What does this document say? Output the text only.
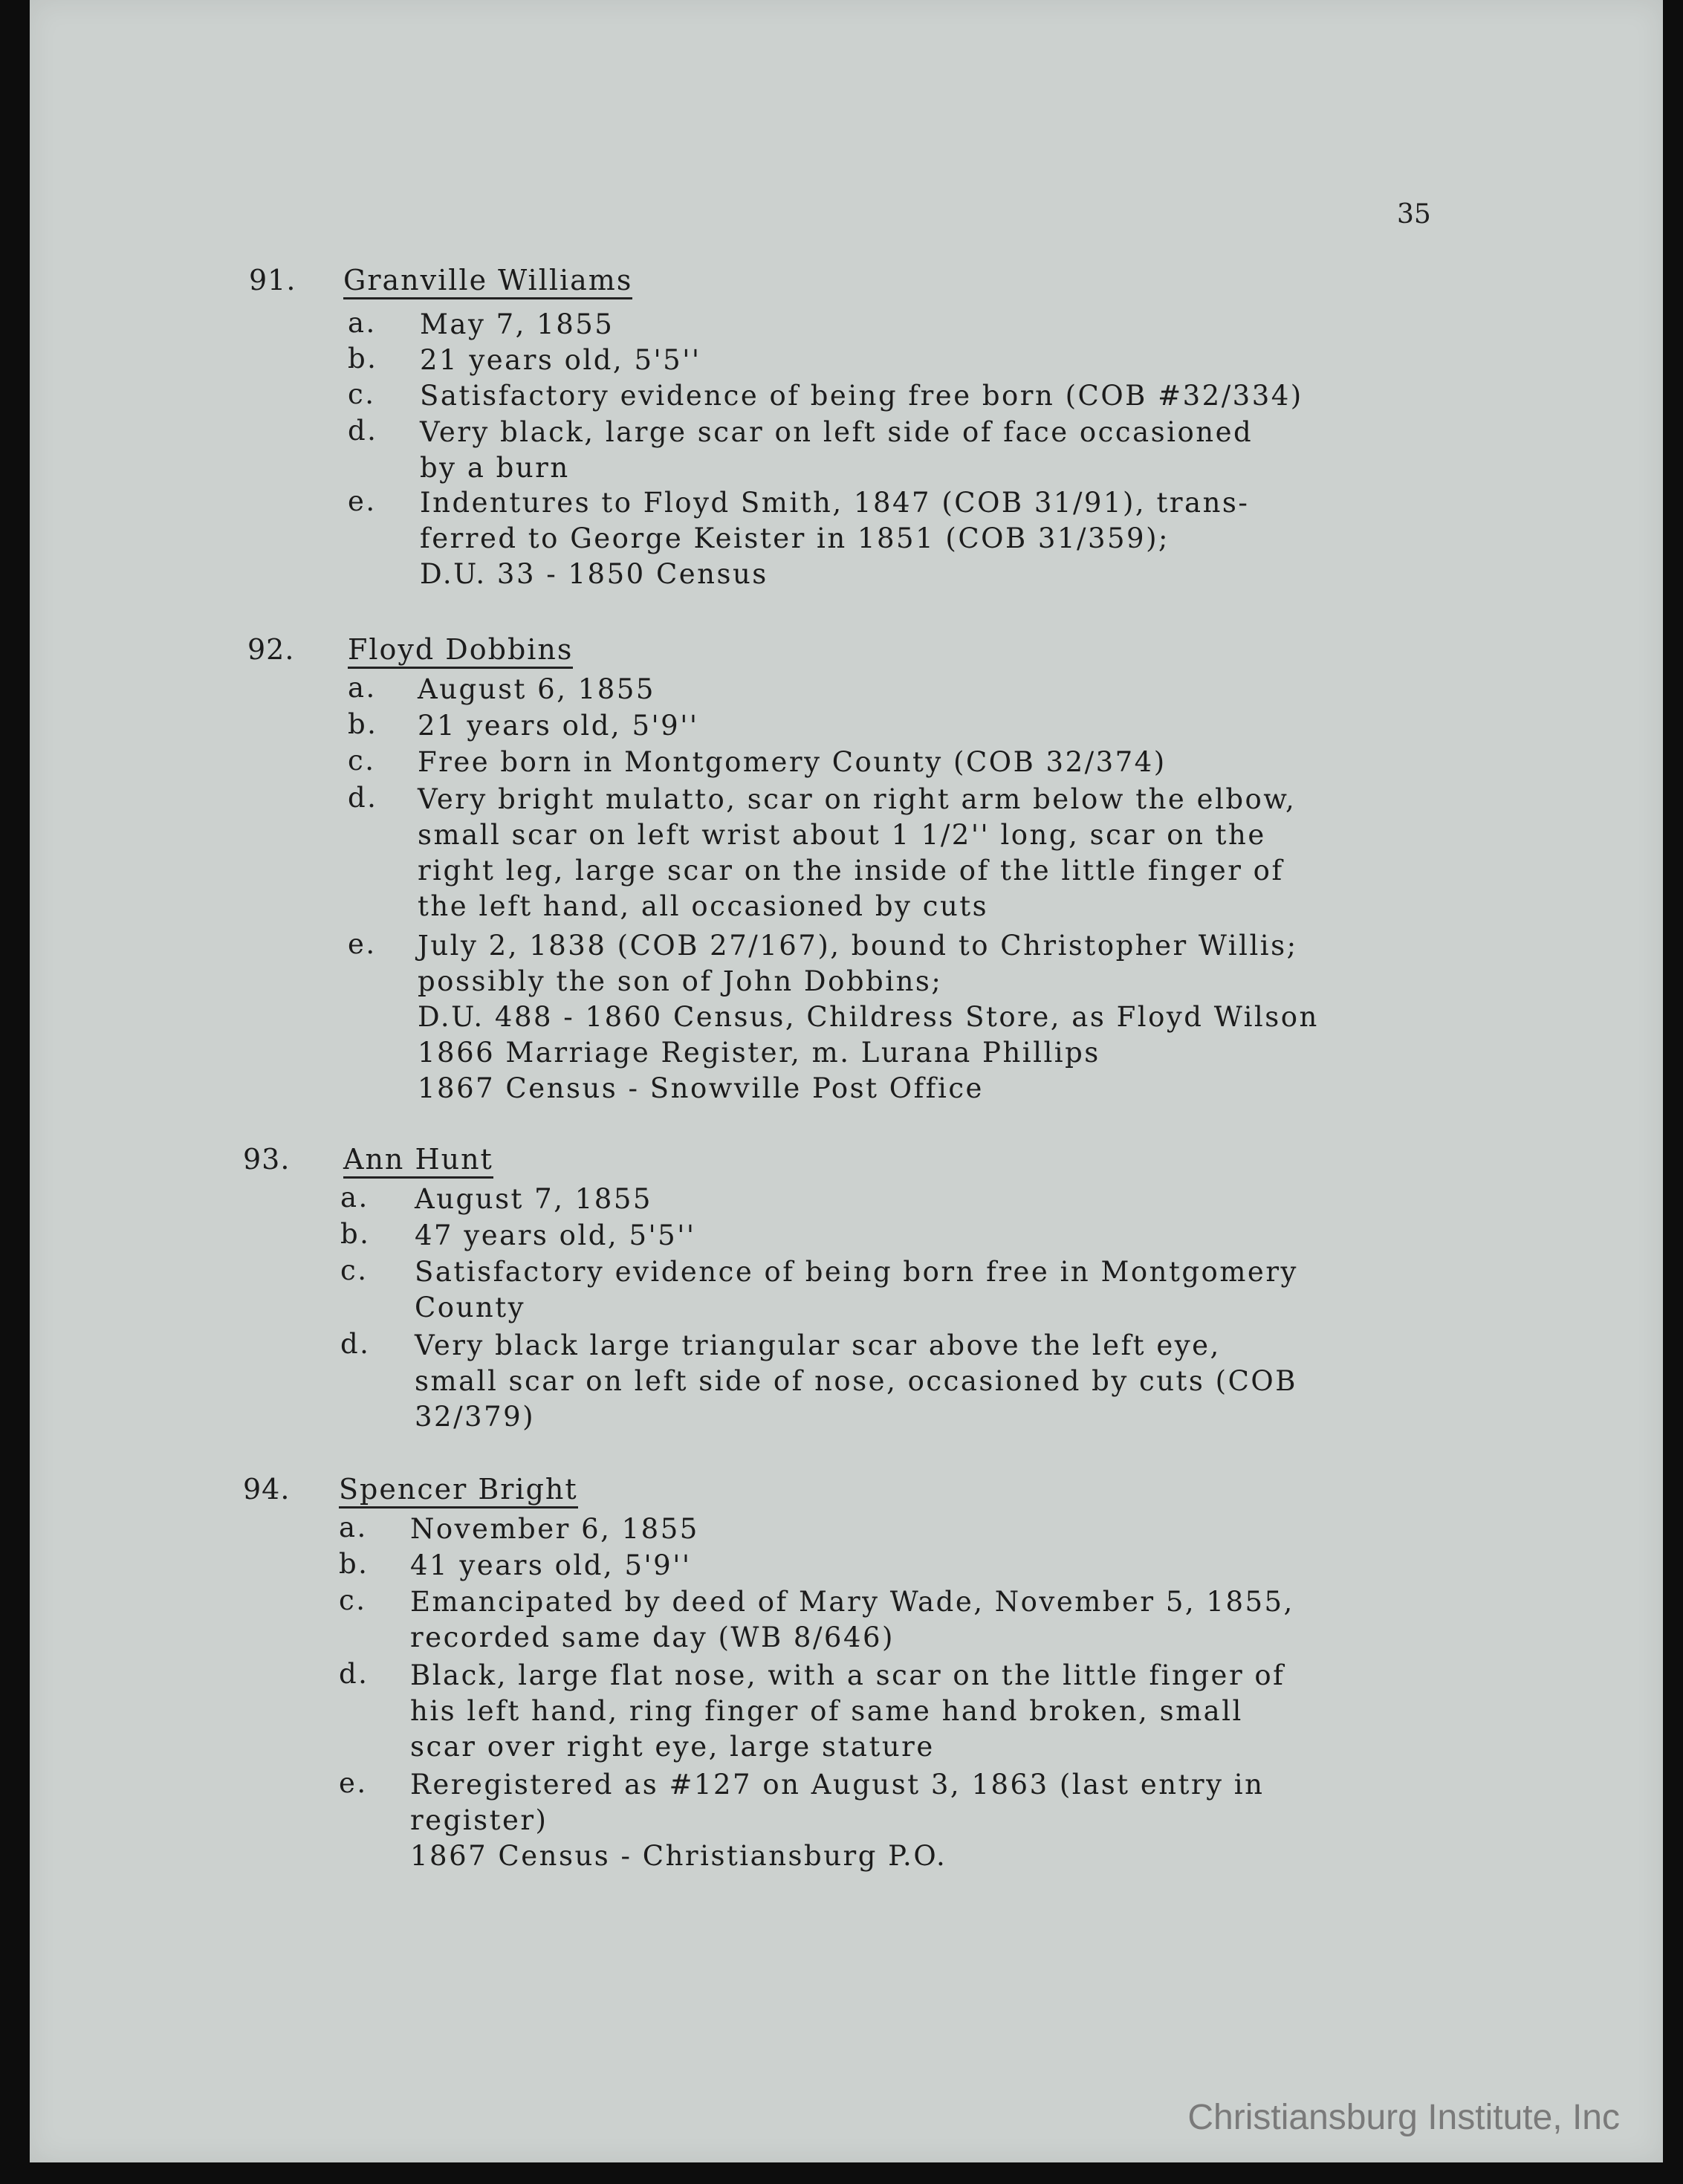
35
91. Granville Williams
a. May 7, 1855
b. 21 years old, 5'5''
c. Satisfactory evidence of being free born (COB #32/334)
d. Very black, large scar on left side of face occasioned
by a burn
e. Indentures to Floyd Smith, 1847 (COB 31/91), trans-
ferred to George Keister in 1851 (COB 31/359);
D.U. 33 - 1850 Census
92. Floyd Dobbins
a. August 6, 1855
b. 21 years old, 5'9''
c. Free born in Montgomery County (COB 32/374)
d. Very bright mulatto, scar on right arm below the elbow,
small scar on left wrist about 1 1/2'' long, scar on the
right leg, large scar on the inside of the little finger of
the left hand, all occasioned by cuts
e. July 2, 1838 (COB 27/167), bound to Christopher Willis;
possibly the son of John Dobbins;
D.U. 488 - 1860 Census, Childress Store, as Floyd Wilson
1866 Marriage Register, m. Lurana Phillips
1867 Census - Snowville Post Office
93. Ann Hunt
a. August 7, 1855
b. 47 years old, 5'5''
c. Satisfactory evidence of being born free in Montgomery
County
d. Very black large triangular scar above the left eye,
small scar on left side of nose, occasioned by cuts (COB
32/379)
94. Spencer Bright
a. November 6, 1855
b. 41 years old, 5'9''
c. Emancipated by deed of Mary Wade, November 5, 1855,
recorded same day (WB 8/646)
d. Black, large flat nose, with a scar on the little finger of
his left hand, ring finger of same hand broken, small
scar over right eye, large stature
e. Reregistered as #127 on August 3, 1863 (last entry in
register)
1867 Census - Christiansburg P.O.
Christiansburg Institute, Inc
